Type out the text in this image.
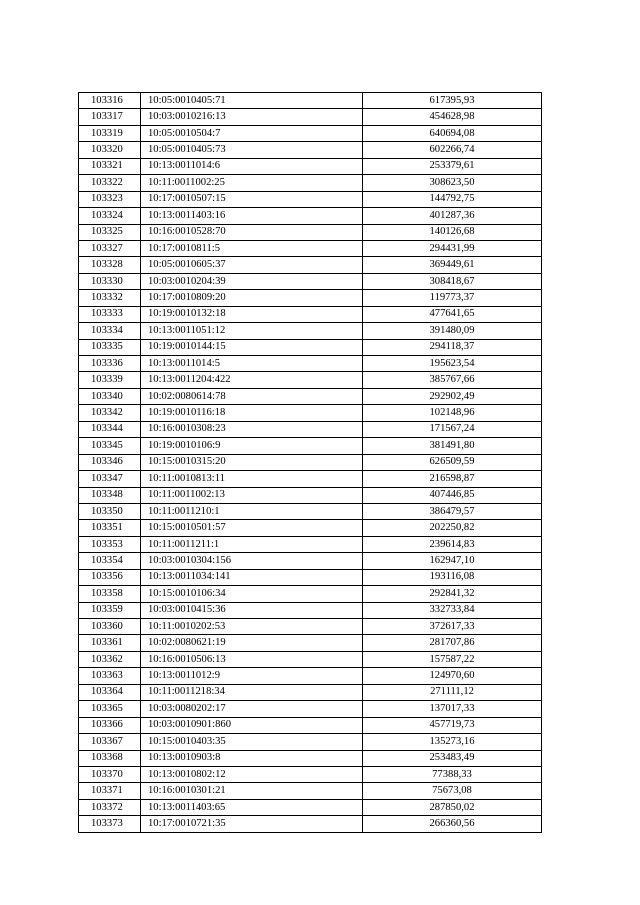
103316	10:05:0010405:71	617395,93
103317	10:03:0010216:13	454628,98
103319	10:05:0010504:7	640694,08
103320	10:05:0010405:73	602266,74
103321	10:13:0011014:6	253379,61
103322	10:11:0011002:25	308623,50
103323	10:17:0010507:15	144792,75
103324	10:13:0011403:16	401287,36
103325	10:16:0010528:70	140126,68
103327	10:17:0010811:5	294431,99
103328	10:05:0010605:37	369449,61
103330	10:03:0010204:39	308418,67
103332	10:17:0010809:20	119773,37
103333	10:19:0010132:18	477641,65
103334	10:13:0011051:12	391480,09
103335	10:19:0010144:15	294118,37
103336	10:13:0011014:5	195623,54
103339	10:13:0011204:422	385767,66
103340	10:02:0080614:78	292902,49
103342	10:19:0010116:18	102148,96
103344	10:16:0010308:23	171567,24
103345	10:19:0010106:9	381491,80
103346	10:15:0010315:20	626509,59
103347	10:11:0010813:11	216598,87
103348	10:11:0011002:13	407446,85
103350	10:11:0011210:1	386479,57
103351	10:15:0010501:57	202250,82
103353	10:11:0011211:1	239614,83
103354	10:03:0010304:156	162947,10
103356	10:13:0011034:141	193116,08
103358	10:15:0010106:34	292841,32
103359	10:03:0010415:36	332733,84
103360	10:11:0010202:53	372617,33
103361	10:02:0080621:19	281707,86
103362	10:16:0010506:13	157587,22
103363	10:13:0011012:9	124970,60
103364	10:11:0011218:34	271111,12
103365	10:03:0080202:17	137017,33
103366	10:03:0010901:860	457719,73
103367	10:15:0010403:35	135273,16
103368	10:13:0010903:8	253483,49
103370	10:13:0010802:12	77388,33
103371	10:16:0010301:21	75673,08
103372	10:13:0011403:65	287850,02
103373	10:17:0010721:35	266360,56
